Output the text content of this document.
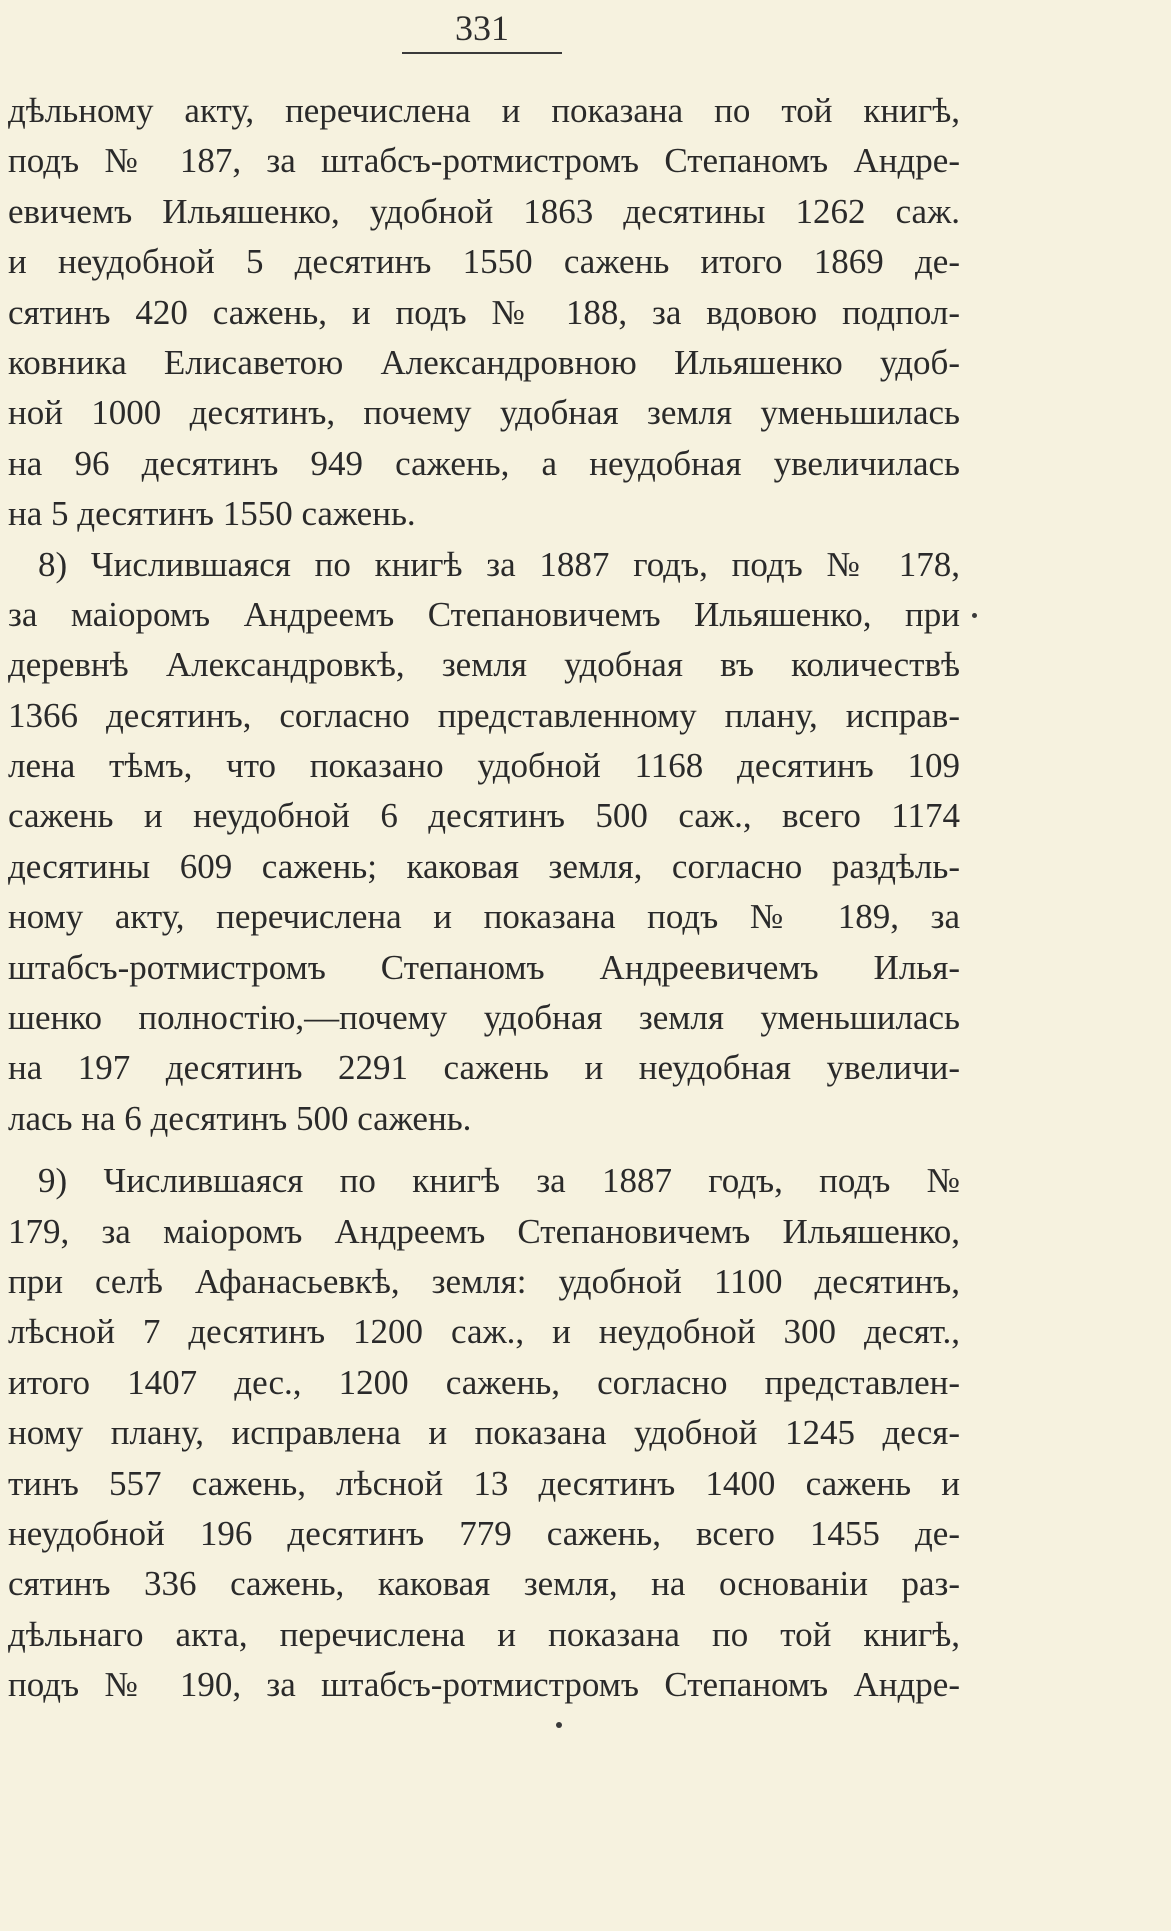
331
дѣльному акту, перечислена и показана по той книгѣ,
подъ № 187, за штабсъ-ротмистромъ Степаномъ Андре-
евичемъ Ильяшенко, удобной 1863 десятины 1262 саж.
и неудобной 5 десятинъ 1550 сажень итого 1869 де-
сятинъ 420 сажень, и подъ № 188, за вдовою подпол-
ковника Елисаветою Александровною Ильяшенко удоб-
ной 1000 десятинъ, почему удобная земля уменьшилась
на 96 десятинъ 949 сажень, а неудобная увеличилась
на 5 десятинъ 1550 сажень.
8) Числившаяся по книгѣ за 1887 годъ, подъ № 178,
за маіоромъ Андреемъ Степановичемъ Ильяшенко, при
деревнѣ Александровкѣ, земля удобная въ количествѣ
1366 десятинъ, согласно представленному плану, исправ-
лена тѣмъ, что показано удобной 1168 десятинъ 109
сажень и неудобной 6 десятинъ 500 саж., всего 1174
десятины 609 сажень; каковая земля, согласно раздѣль-
ному акту, перечислена и показана подъ № 189, за
штабсъ-ротмистромъ Степаномъ Андреевичемъ Илья-
шенко полностію,—почему удобная земля уменьшилась
на 197 десятинъ 2291 сажень и неудобная увеличи-
лась на 6 десятинъ 500 сажень.
9) Числившаяся по книгѣ за 1887 годъ, подъ №
179, за маіоромъ Андреемъ Степановичемъ Ильяшенко,
при селѣ Афанасьевкѣ, земля: удобной 1100 десятинъ,
лѣсной 7 десятинъ 1200 саж., и неудобной 300 десят.,
итого 1407 дес., 1200 сажень, согласно представлен-
ному плану, исправлена и показана удобной 1245 деся-
тинъ 557 сажень, лѣсной 13 десятинъ 1400 сажень и
неудобной 196 десятинъ 779 сажень, всего 1455 де-
сятинъ 336 сажень, каковая земля, на основаніи раз-
дѣльнаго акта, перечислена и показана по той книгѣ,
подъ № 190, за штабсъ-ротмистромъ Степаномъ Андре-
